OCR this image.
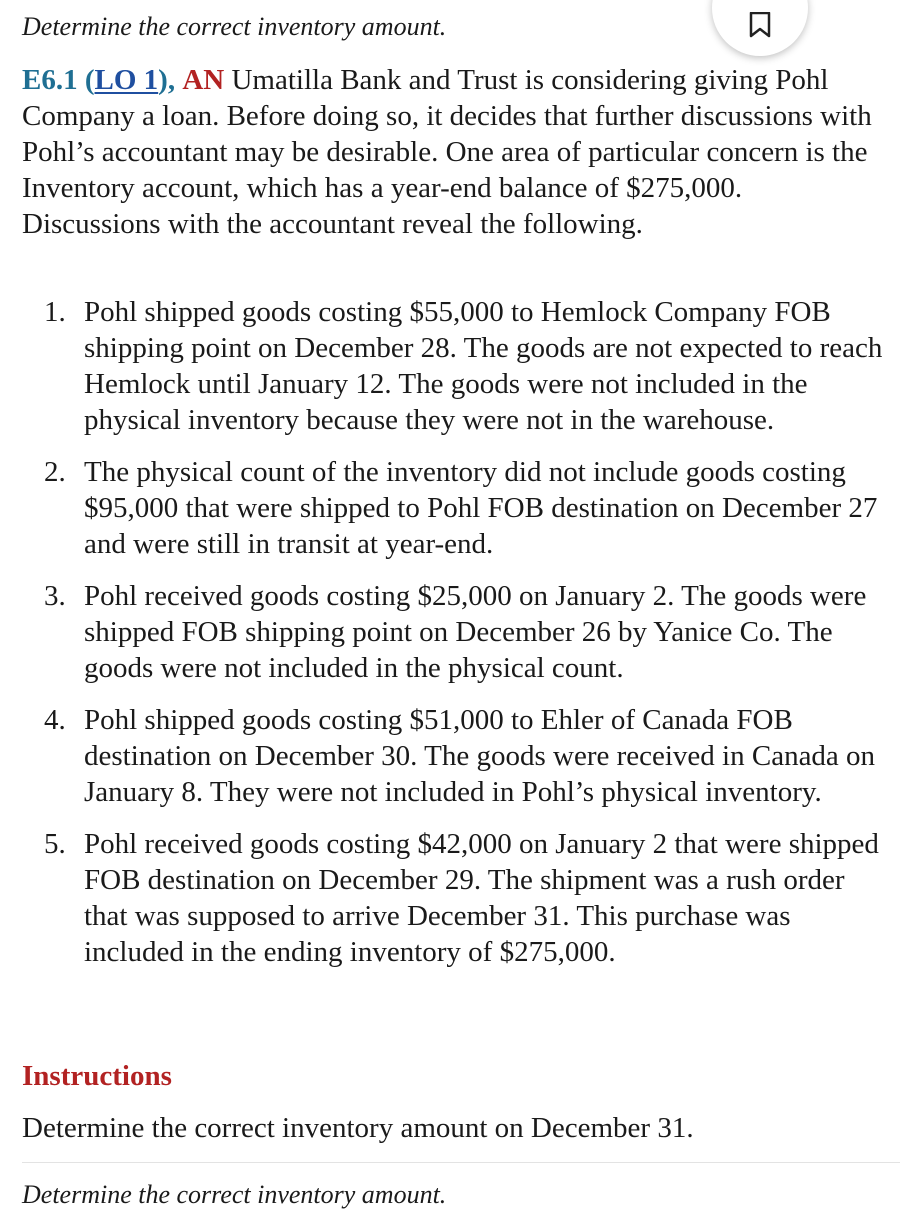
Determine the correct inventory amount.
E6.1 (LO 1), AN Umatilla Bank and Trust is considering giving Pohl Company a loan. Before doing so, it decides that further discussions with Pohl’s accountant may be desirable. One area of particular concern is the Inventory account, which has a year-end balance of $275,000. Discussions with the accountant reveal the following.
1. Pohl shipped goods costing $55,000 to Hemlock Company FOB shipping point on December 28. The goods are not expected to reach Hemlock until January 12. The goods were not included in the physical inventory because they were not in the warehouse.
2. The physical count of the inventory did not include goods costing $95,000 that were shipped to Pohl FOB destination on December 27 and were still in transit at year-end.
3. Pohl received goods costing $25,000 on January 2. The goods were shipped FOB shipping point on December 26 by Yanice Co. The goods were not included in the physical count.
4. Pohl shipped goods costing $51,000 to Ehler of Canada FOB destination on December 30. The goods were received in Canada on January 8. They were not included in Pohl’s physical inventory.
5. Pohl received goods costing $42,000 on January 2 that were shipped FOB destination on December 29. The shipment was a rush order that was supposed to arrive December 31. This purchase was included in the ending inventory of $275,000.
Instructions
Determine the correct inventory amount on December 31.
Determine the correct inventory amount.
